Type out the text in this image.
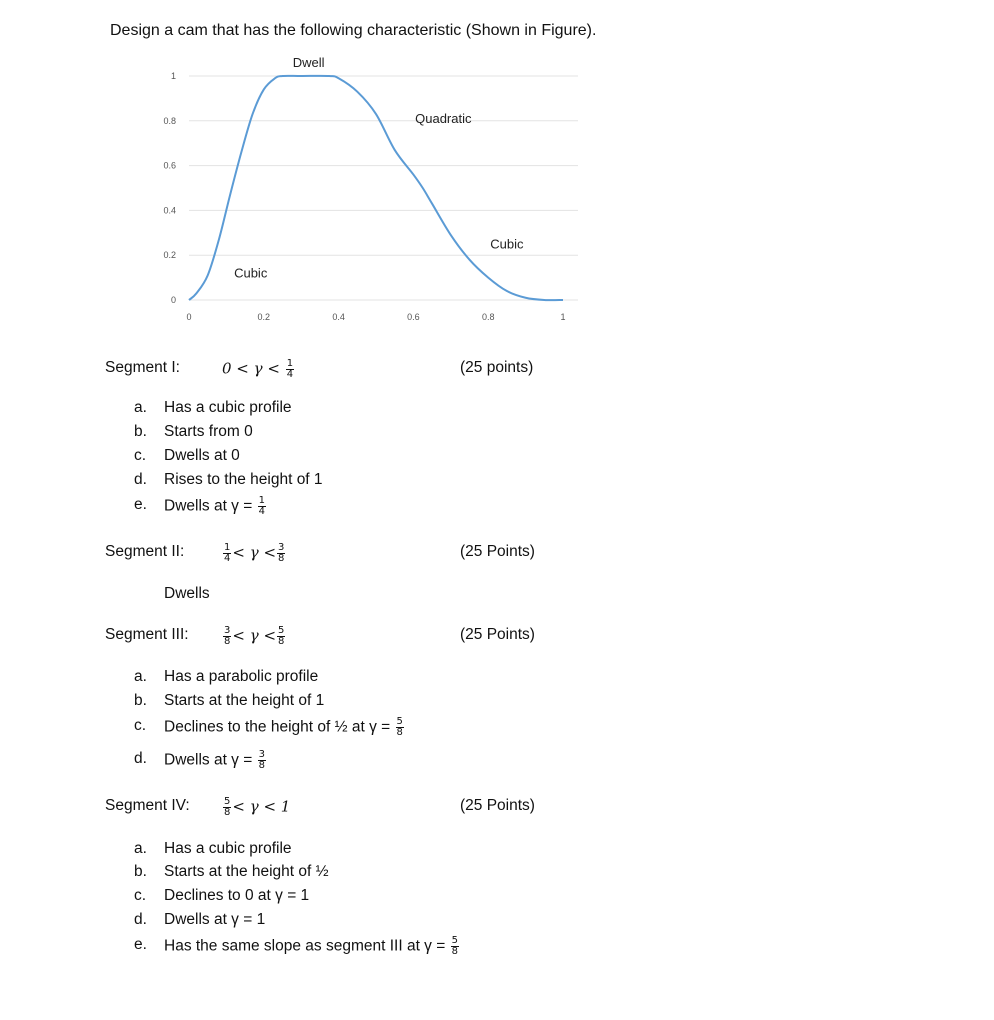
Design a cam that has the following characteristic (Shown in Figure).
1
0.8
0.6
0.4
0.2
0
0	0.2	0.4	0.6	0.8	1
Dwell
Quadratic
Cubic
Cubic
Segment I:	$0 < \gamma < \frac{1}{4}$	(25 points)
a. Has a cubic profile
b. Starts from 0
c. Dwells at 0
d. Rises to the height of 1
e. Dwells at $\gamma = \frac{1}{4}$
Segment II:	$\frac{1}{4} < \gamma < \frac{3}{8}$	(25 Points)
Dwells
Segment III:	$\frac{3}{8} < \gamma < \frac{5}{8}$	(25 Points)
a. Has a parabolic profile
b. Starts at the height of 1
c. Declines to the height of ½ at $\gamma = \frac{5}{8}$
d. Dwells at $\gamma = \frac{3}{8}$
Segment IV:	$\frac{5}{8} < \gamma < 1$	(25 Points)
a. Has a cubic profile
b. Starts at the height of ½
c. Declines to 0 at γ = 1
d. Dwells at γ = 1
e. Has the same slope as segment III at $\gamma = \frac{5}{8}$
